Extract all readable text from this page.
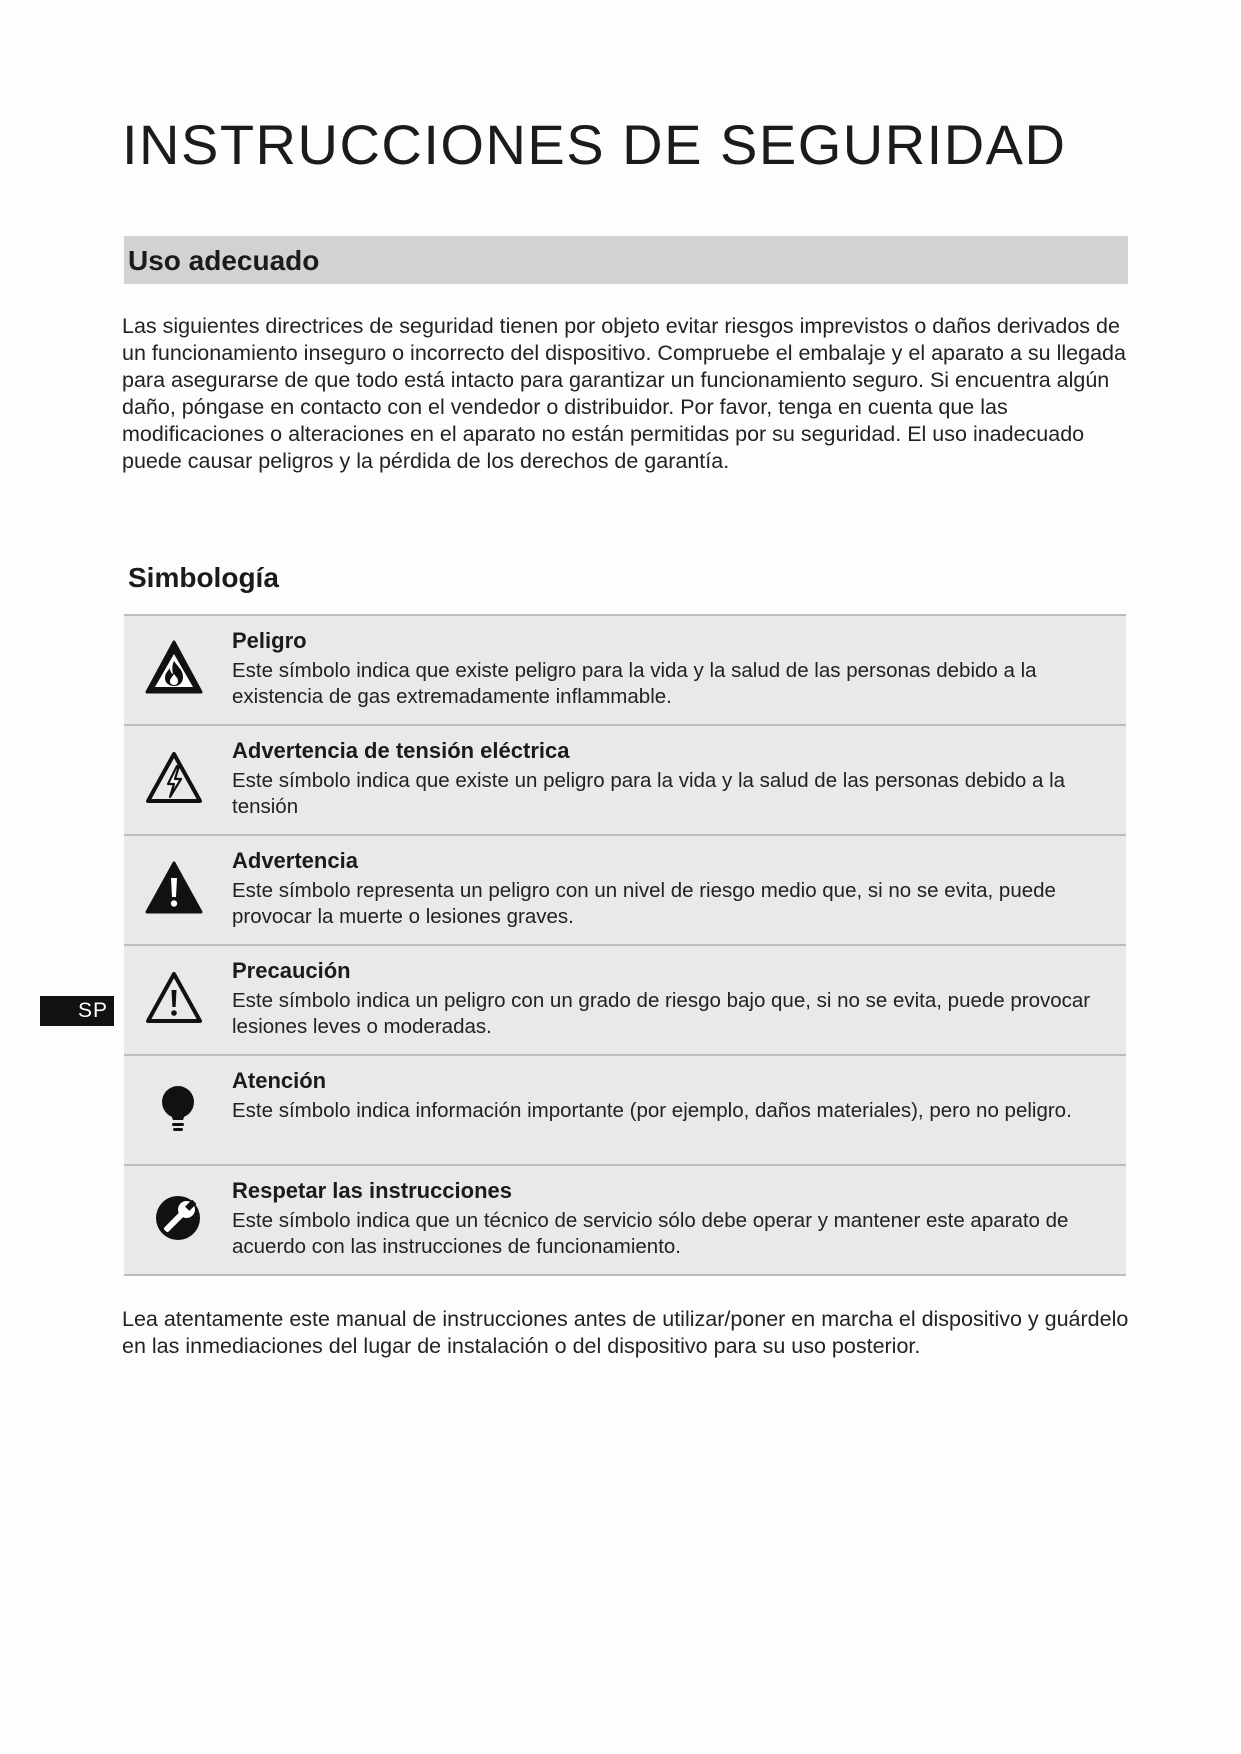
INSTRUCCIONES DE SEGURIDAD
Uso adecuado
Las siguientes directrices de seguridad tienen por objeto evitar riesgos imprevistos o daños derivados de un funcionamiento inseguro o incorrecto del dispositivo. Compruebe el embalaje y el aparato a su llegada para asegurarse de que todo está intacto para garantizar un funcionamiento seguro. Si encuentra algún daño, póngase en contacto con el vendedor o distribuidor. Por favor, tenga en cuenta que las modificaciones o alteraciones en el aparato no están permitidas por su seguridad. El uso inadecuado puede causar peligros y la pérdida de los derechos de garantía.
Simbología
Peligro
Este símbolo indica que existe peligro para la vida y la salud de las personas debido a la existencia de gas extremadamente inflammable.
Advertencia de tensión eléctrica
Este símbolo indica que existe un peligro para la vida y la salud de las personas debido a la tensión
Advertencia
Este símbolo representa un peligro con un nivel de riesgo medio que, si no se evita, puede provocar la muerte o lesiones graves.
Precaución
Este símbolo indica un peligro con un grado de riesgo bajo que, si no se evita, puede provocar lesiones leves o moderadas.
Atención
Este símbolo indica información importante (por ejemplo, daños materiales), pero no peligro.
Respetar las instrucciones
Este símbolo indica que un técnico de servicio sólo debe operar y mantener este aparato de acuerdo con las instrucciones de funcionamiento.
Lea atentamente este manual de instrucciones antes de utilizar/poner en marcha el dispositivo y guárdelo en las inmediaciones del lugar de instalación o del dispositivo para su uso posterior.
SP
